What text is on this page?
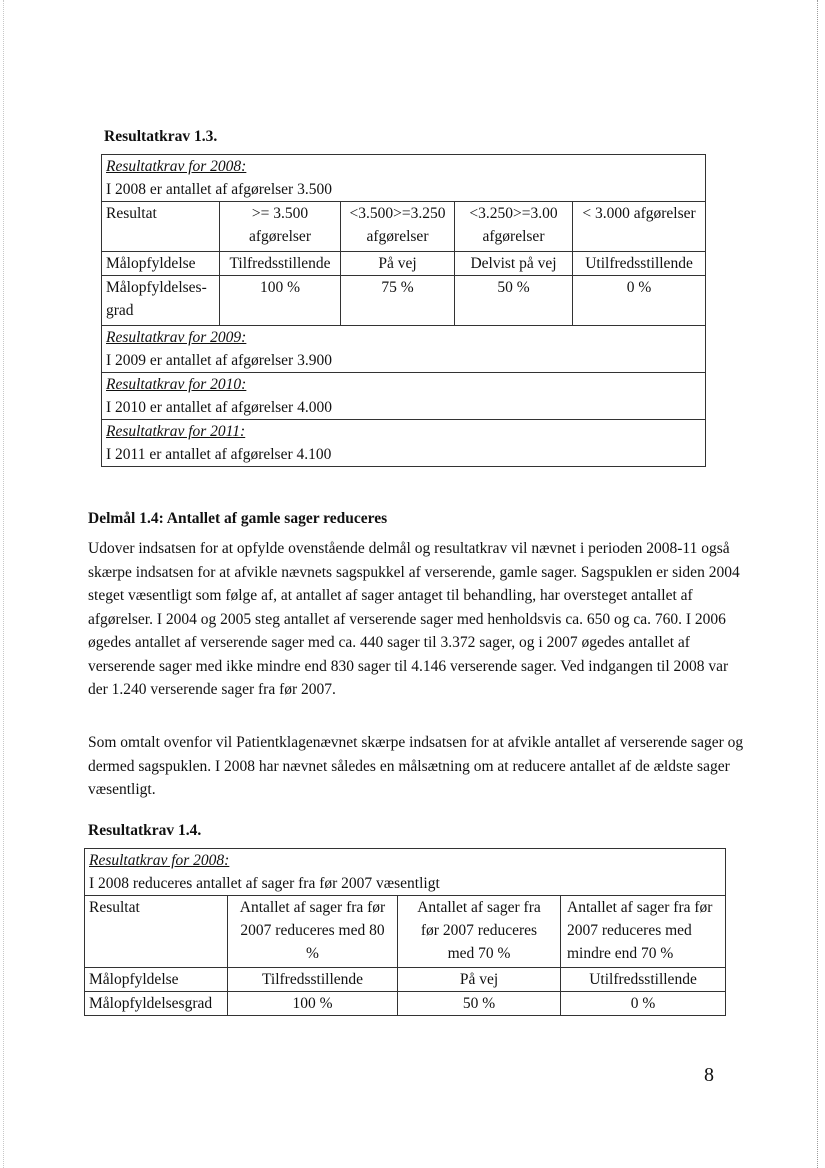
Resultatkrav 1.3.
Resultatkrav for 2008:
I 2008 er antallet af afgørelser 3.500				

Resultat	>= 3.500 afgørelser	<3.500>=3.250 afgørelser	<3.250>=3.00 afgørelser	< 3.000 afgørelser
Målopfyldelse	Tilfredsstillende	På vej	Delvist på vej	Utilfredsstillende
Målopfyldelses-grad	100 %	75 %	50 %	0 %

Resultatkrav for 2009:
I 2009 er antallet af afgørelser 3.900				

Resultatkrav for 2010:
I 2010 er antallet af afgørelser 4.000				

Resultatkrav for 2011:
I 2011 er antallet af afgørelser 4.100				
Delmål 1.4: Antallet af gamle sager reduceres
Udover indsatsen for at opfylde ovenstående delmål og resultatkrav vil nævnet i perioden 2008-11 også skærpe indsatsen for at afvikle nævnets sagspukkel af verserende, gamle sager. Sagspuklen er siden 2004 steget væsentligt som følge af, at antallet af sager antaget til behandling, har oversteget antallet af afgørelser. I 2004 og 2005 steg antallet af verserende sager med henholdsvis ca. 650 og ca. 760. I 2006 øgedes antallet af verserende sager med ca. 440 sager til 3.372 sager, og i 2007 øgedes antallet af verserende sager med ikke mindre end 830 sager til 4.146 verserende sager. Ved indgangen til 2008 var der 1.240 verserende sager fra før 2007.
Som omtalt ovenfor vil Patientklagenævnet skærpe indsatsen for at afvikle antallet af verserende sager og dermed sagspuklen. I 2008 har nævnet således en målsætning om at reducere antallet af de ældste sager væsentligt.
Resultatkrav 1.4.
Resultatkrav for 2008:
I 2008 reduceres antallet af sager fra før 2007 væsentligt			

Resultat	Antallet af sager fra før 2007 reduceres med 80 %	Antallet af sager fra før 2007 reduceres med 70 %	Antallet af sager fra før 2007 reduceres med mindre end 70 %
Målopfyldelse	Tilfredsstillende	På vej	Utilfredsstillende
Målopfyldelsesgrad	100 %	50 %	0 %
8
